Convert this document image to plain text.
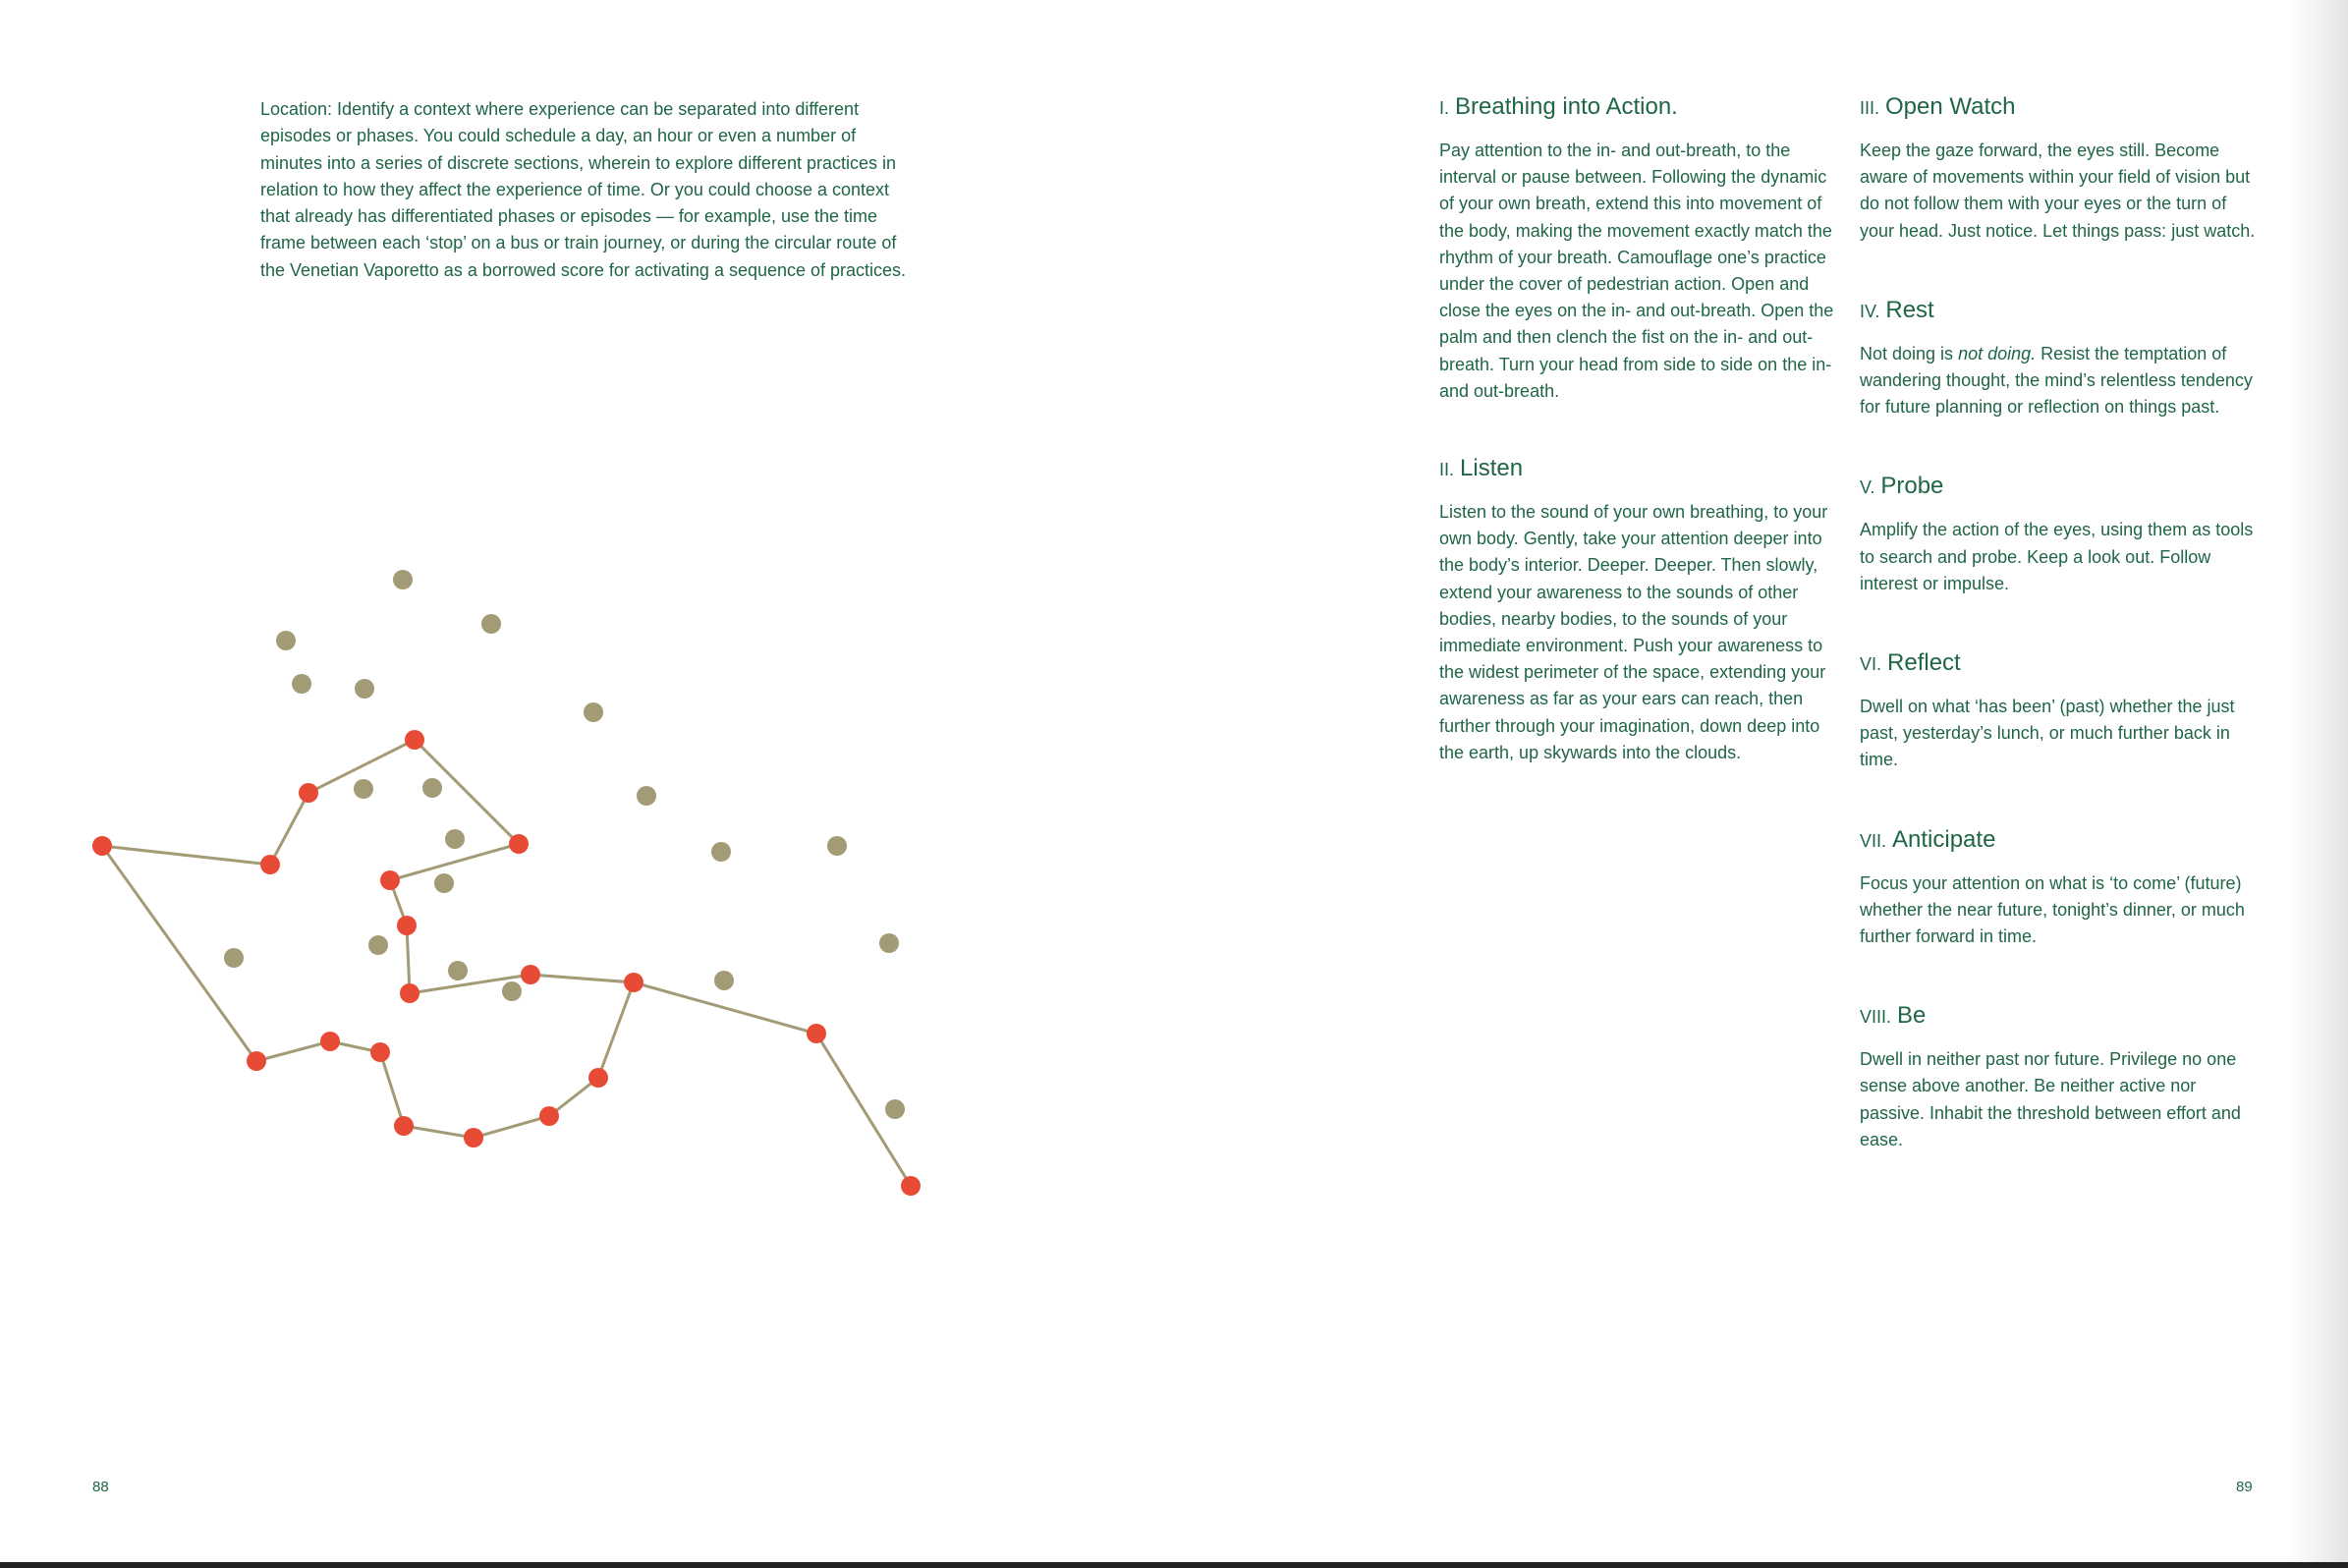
Location: Identify a context where experience can be separated into different episodes or phases. You could schedule a day, an hour or even a number of minutes into a series of discrete sections, wherein to explore different practices in relation to how they affect the experience of time. Or you could choose a context that already has differentiated phases or episodes — for example, use the time frame between each ‘stop’ on a bus or train journey, or during the circular route of the Venetian Vaporetto as a borrowed score for activating a sequence of practices.

I. Breathing into Action.

Pay attention to the in- and out-breath, to the interval or pause between. Following the dynamic of your own breath, extend this into movement of the body, making the movement exactly match the rhythm of your breath. Camouflage one’s practice under the cover of pedestrian action. Open and close the eyes on the in- and out-breath. Open the palm and then clench the fist on the in- and out-breath. Turn your head from side to side on the in- and out-breath.

II. Listen

Listen to the sound of your own breathing, to your own body. Gently, take your attention deeper into the body’s interior. Deeper. Deeper. Then slowly, extend your awareness to the sounds of other bodies, nearby bodies, to the sounds of your immediate environment. Push your awareness to the widest perimeter of the space, extending your awareness as far as your ears can reach, then further through your imagination, down deep into the earth, up skywards into the clouds.

III. Open Watch

Keep the gaze forward, the eyes still. Become aware of movements within your field of vision but do not follow them with your eyes or the turn of your head. Just notice. Let things pass: just watch.

IV. Rest

Not doing is not doing. Resist the temptation of wandering thought, the mind’s relentless tendency for future planning or reflection on things past.

V. Probe

Amplify the action of the eyes, using them as tools to search and probe. Keep a look out. Follow interest or impulse.

VI. Reflect

Dwell on what ‘has been’ (past) whether the just past, yesterday’s lunch, or much further back in time.

VII. Anticipate

Focus your attention on what is ‘to come’ (future) whether the near future, tonight’s dinner, or much further forward in time.

VIII. Be

Dwell in neither past nor future. Privilege no one sense above another. Be neither active nor passive. Inhabit the threshold between effort and ease.

88	89
